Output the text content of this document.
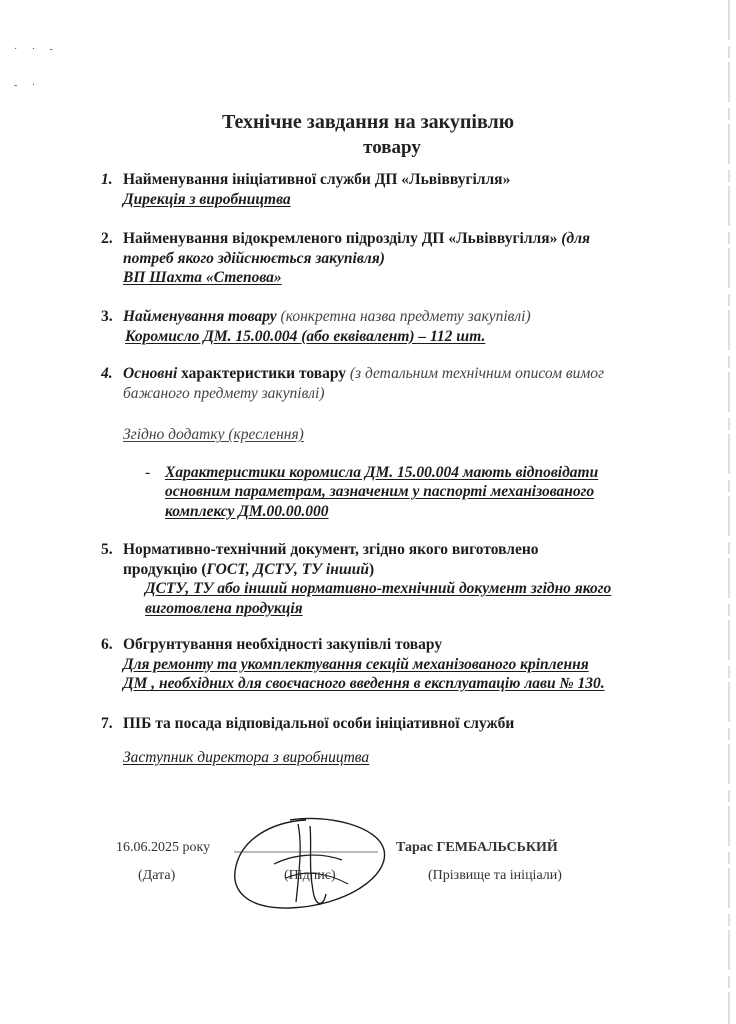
· · -
- ·
Технічне завдання на закупівлю
товару
1. Найменування ініціативної служби ДП «Львіввугілля»
Дирекція з виробництва
2. Найменування відокремленого підрозділу ДП «Львіввугілля» (для
потреб якого здійснюється закупівля)
ВП Шахта «Степова»
3. Найменування товару (конкретна назва предмету закупівлі)
Коромисло ДМ. 15.00.004 (або еквівалент) – 112 шт.
4. Основні характеристики товару (з детальним технічним описом вимог
бажаного предмету закупівлі)
Згідно додатку (креслення)
- Характеристики коромисла ДМ. 15.00.004 мають відповідати
основним параметрам, зазначеним у паспорті механізованого
комплексу ДМ.00.00.000
5. Нормативно-технічний документ, згідно якого виготовлено
продукцію (ГОСТ, ДСТУ, ТУ інший)
ДСТУ, ТУ або інший нормативно-технічний документ згідно якого
виготовлена продукція
6. Обгрунтування необхідності закупівлі товару
Для ремонту та укомплектування секцій механізованого кріплення
ДМ , необхідних для своєчасного введення в експлуатацію лави № 130.
7. ПІБ та посада відповідальної особи ініціативної служби
Заступник директора з виробництва
16.06.2025 року	Тарас ГЕМБАЛЬСЬКИЙ
(Дата)	(Підпис)	(Прізвище та ініціали)
